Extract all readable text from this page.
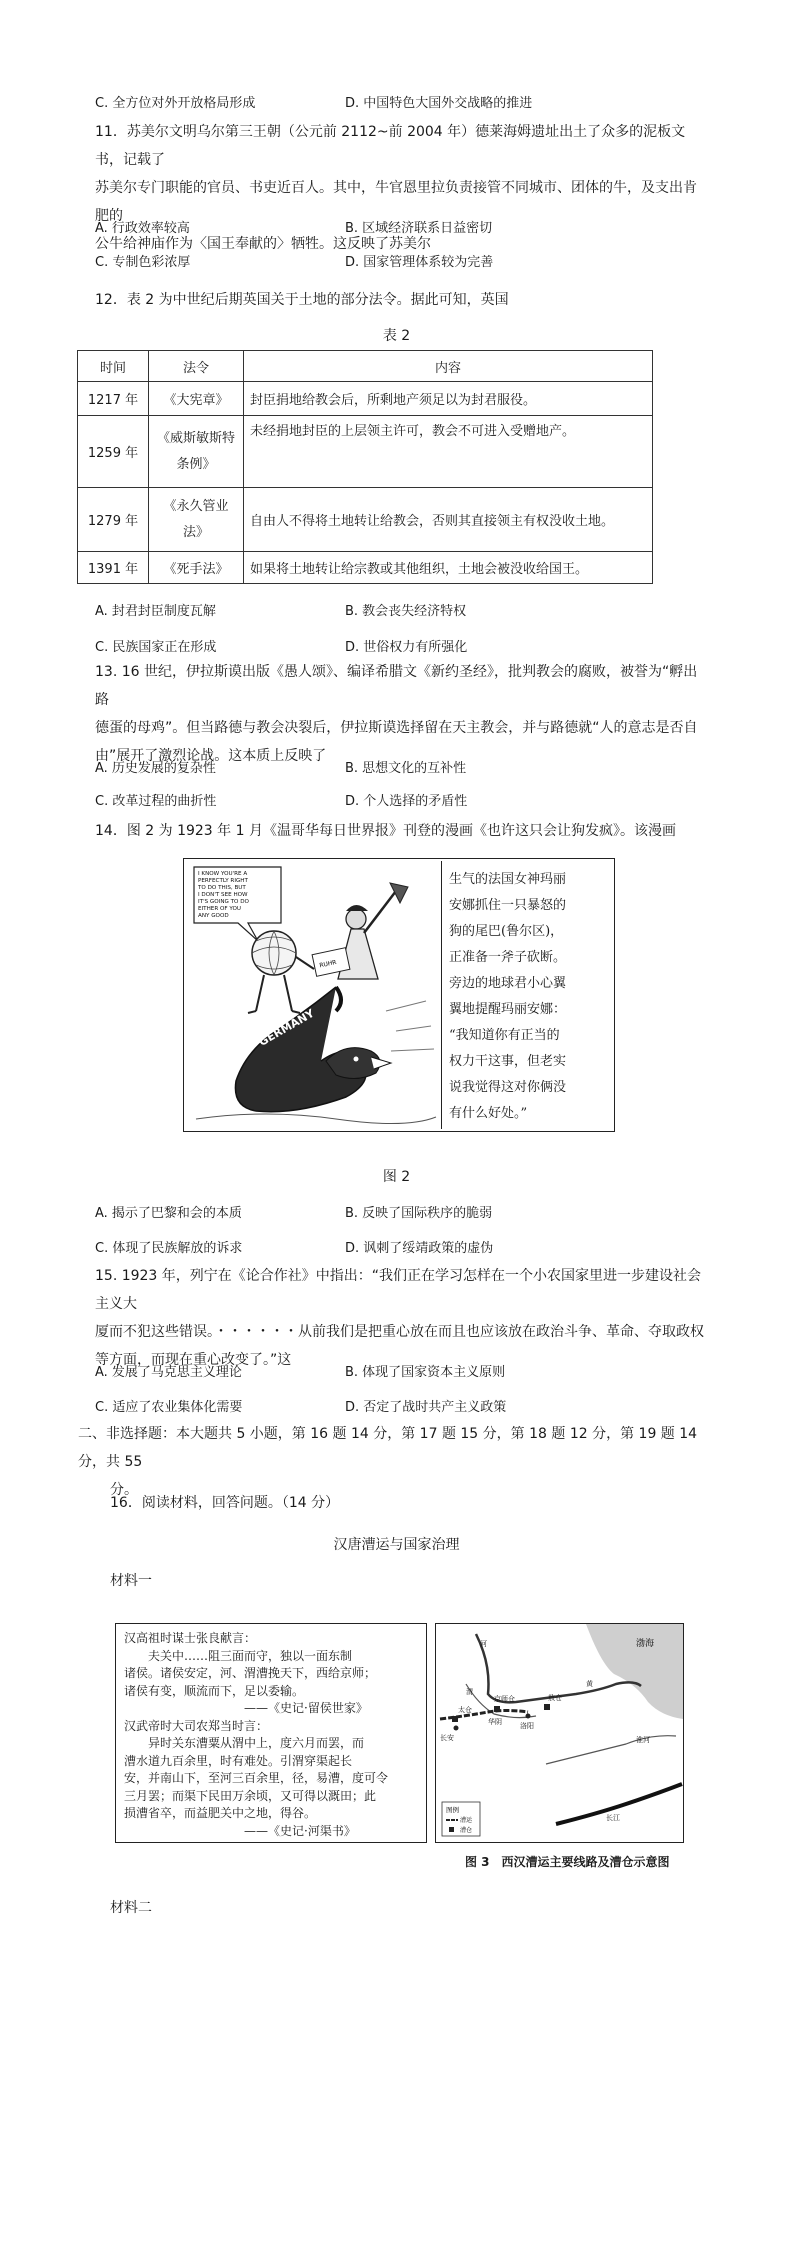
C. 全方位对外开放格局形成	D. 中国特色大国外交战略的推进
11．苏美尔文明乌尔第三王朝（公元前 2112~前 2004 年）德莱海姆遗址出土了众多的泥板文书，记载了
苏美尔专门职能的官员、书吏近百人。其中，牛官恩里拉负责接管不同城市、团体的牛，及支出肯肥的
公牛给神庙作为〈国王奉献的〉牺牲。这反映了苏美尔
A. 行政效率较高	B. 区域经济联系日益密切
C. 专制色彩浓厚	D. 国家管理体系较为完善
12．表 2 为中世纪后期英国关于土地的部分法令。据此可知，英国
表 2
时间	法令	内容
1217 年	《大宪章》	封臣捐地给教会后，所剩地产须足以为封君服役。
1259 年	《威斯敏斯特条例》	未经捐地封臣的上层领主许可，教会不可进入受赠地产。
1279 年	《永久管业法》	自由人不得将土地转让给教会，否则其直接领主有权没收土地。
1391 年	《死手法》	如果将土地转让给宗教或其他组织，土地会被没收给国王。
A. 封君封臣制度瓦解	B. 教会丧失经济特权
C. 民族国家正在形成	D. 世俗权力有所强化
13. 16 世纪，伊拉斯谟出版《愚人颂》、编译希腊文《新约圣经》，批判教会的腐败，被誉为“孵出路
德蛋的母鸡”。但当路德与教会决裂后，伊拉斯谟选择留在天主教会，并与路德就“人的意志是否自
由”展开了激烈论战。这本质上反映了
A. 历史发展的复杂性	B. 思想文化的互补性
C. 改革过程的曲折性	D. 个人选择的矛盾性
14．图 2 为 1923 年 1 月《温哥华每日世界报》刊登的漫画《也许这只会让狗发疯》。该漫画
I KNOW YOU'RE A PERFECTLY RIGHT TO DO THIS, BUT I DON'T SEE HOW IT'S GOING TO DO EITHER OF YOU ANY GOOD
RUHR
GERMANY
生气的法国女神玛丽
安娜抓住一只暴怒的
狗的尾巴(鲁尔区)，
正准备一斧子砍断。
旁边的地球君小心翼
翼地提醒玛丽安娜：
“我知道你有正当的
权力干这事，但老实
说我觉得这对你俩没
有什么好处。”
图 2
A. 揭示了巴黎和会的本质	B. 反映了国际秩序的脆弱
C. 体现了民族解放的诉求	D. 讽刺了绥靖政策的虚伪
15. 1923 年，列宁在《论合作社》中指出：“我们正在学习怎样在一个小农国家里进一步建设社会主义大
厦而不犯这些错误。・・・・・・从前我们是把重心放在而且也应该放在政治斗争、革命、夺取政权
等方面，而现在重心改变了。”这
A. 发展了马克思主义理论	B. 体现了国家资本主义原则
C. 适应了农业集体化需要	D. 否定了战时共产主义政策
二、非选择题：本大题共 5 小题，第 16 题 14 分，第 17 题 15 分，第 18 题 12 分，第 19 题 14 分，共 55
分。
16．阅读材料，回答问题。（14 分）
汉唐漕运与国家治理
材料一
汉高祖时谋士张良献言：
　　夫关中……阻三面而守，独以一面东制
诸侯。诸侯安定，河、渭漕挽天下，西给京师；
诸侯有变，顺流而下，足以委输。
　　　　　　　　　　——《史记·留侯世家》
汉武帝时大司农郑当时言：
　　异时关东漕粟从渭中上，度六月而罢，而
漕水道九百余里，时有难处。引渭穿渠起长
安，并南山下，至河三百余里，径，易漕，度可令
三月罢；而渠下民田万余顷，又可得以溉田；此
损漕省卒，而益肥关中之地，得谷。
　　　　　　　　　　——《史记·河渠书》
渤海
京师仓 长安 太仓 华阴 敖仓 洛阳 淮河 长江 渭 河 黄
图例
漕运
漕仓
图 3　西汉漕运主要线路及漕仓示意图
材料二
